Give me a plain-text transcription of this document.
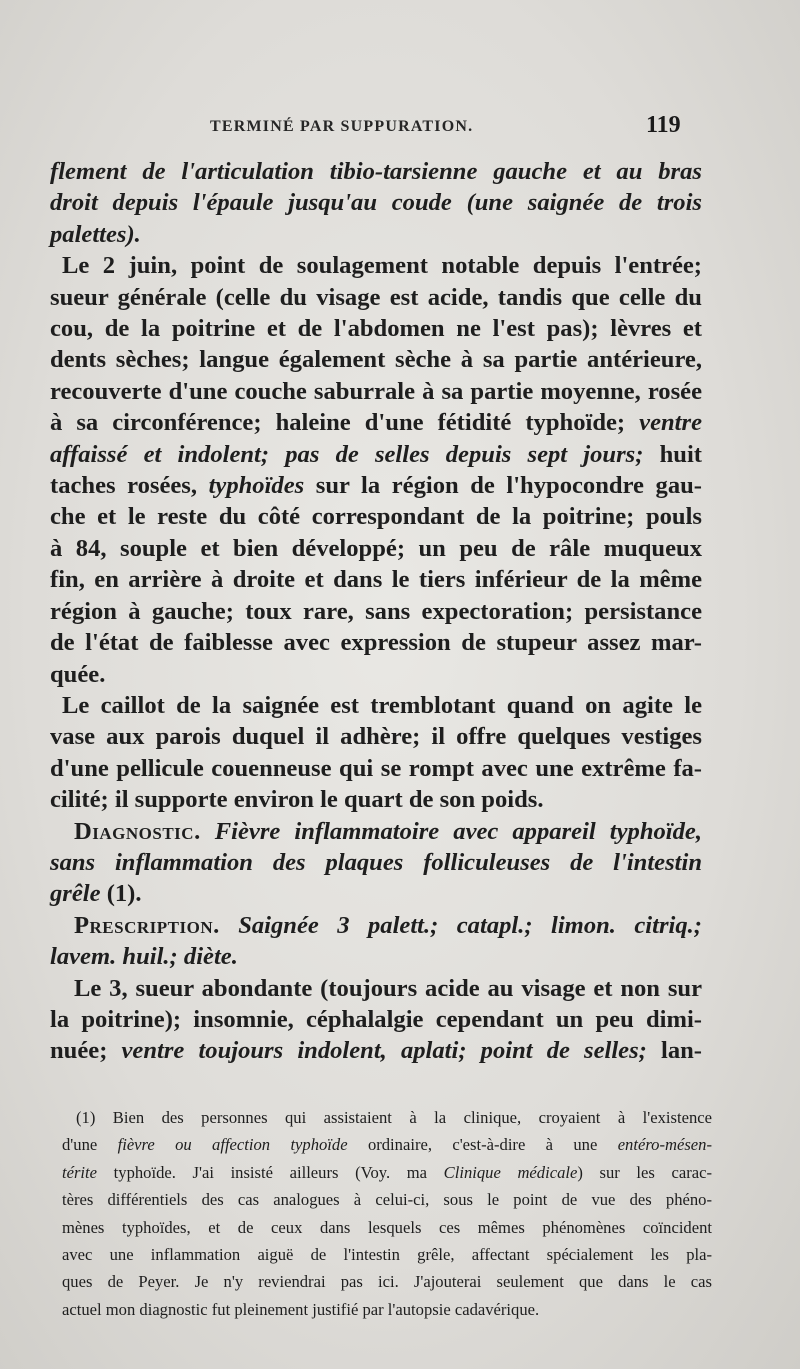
TERMINÉ PAR SUPPURATION.	119

flement de l'articulation tibio-tarsienne gauche et au bras
droit depuis l'épaule jusqu'au coude (une saignée de trois
palettes).

Le 2 juin, point de soulagement notable depuis l'entrée;
sueur générale (celle du visage est acide, tandis que celle du
cou, de la poitrine et de l'abdomen ne l'est pas); lèvres et
dents sèches; langue également sèche à sa partie antérieure,
recouverte d'une couche saburrale à sa partie moyenne, rosée
à sa circonférence; haleine d'une fétidité typhoïde; ventre
affaissé et indolent; pas de selles depuis sept jours; huit
taches rosées, typhoïdes sur la région de l'hypocondre gau-
che et le reste du côté correspondant de la poitrine; pouls
à 84, souple et bien développé; un peu de râle muqueux
fin, en arrière à droite et dans le tiers inférieur de la même
région à gauche; toux rare, sans expectoration; persistance
de l'état de faiblesse avec expression de stupeur assez mar-
quée.

Le caillot de la saignée est tremblotant quand on agite le
vase aux parois duquel il adhère; il offre quelques vestiges
d'une pellicule couenneuse qui se rompt avec une extrême fa-
cilité; il supporte environ le quart de son poids.

Diagnostic. Fièvre inflammatoire avec appareil typhoïde,
sans inflammation des plaques folliculeuses de l'intestin
grêle (1).

Prescription. Saignée 3 palett.; catapl.; limon. citriq.;
lavem. huil.; diète.

Le 3, sueur abondante (toujours acide au visage et non sur
la poitrine); insomnie, céphalalgie cependant un peu dimi-
nuée; ventre toujours indolent, aplati; point de selles; lan-

(1) Bien des personnes qui assistaient à la clinique, croyaient à l'existence
d'une fièvre ou affection typhoïde ordinaire, c'est-à-dire à une entéro-mésen-
térite typhoïde. J'ai insisté ailleurs (Voy. ma Clinique médicale) sur les carac-
tères différentiels des cas analogues à celui-ci, sous le point de vue des phéno-
mènes typhoïdes, et de ceux dans lesquels ces mêmes phénomènes coïncident
avec une inflammation aiguë de l'intestin grêle, affectant spécialement les pla-
ques de Peyer. Je n'y reviendrai pas ici. J'ajouterai seulement que dans le cas
actuel mon diagnostic fut pleinement justifié par l'autopsie cadavérique.
